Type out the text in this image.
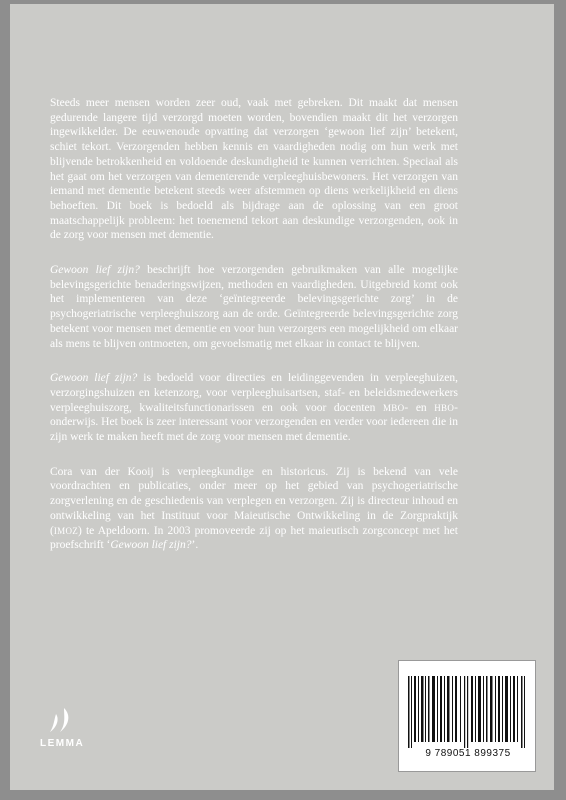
Steeds meer mensen worden zeer oud, vaak met gebreken. Dit maakt dat mensen gedurende langere tijd verzorgd moeten worden, bovendien maakt dit het verzorgen ingewikkelder. De eeuwenoude opvatting dat verzorgen ‘gewoon lief zijn’ betekent, schiet tekort. Verzorgenden hebben kennis en vaardigheden nodig om hun werk met blijvende betrokkenheid en voldoende deskundigheid te kunnen verrichten. Speciaal als het gaat om het verzorgen van dementerende verpleeghuisbewoners. Het verzorgen van iemand met dementie betekent steeds weer afstemmen op diens werkelijkheid en diens behoeften. Dit boek is bedoeld als bijdrage aan de oplossing van een groot maatschappelijk probleem: het toenemend tekort aan deskundige verzorgenden, ook in de zorg voor mensen met dementie.

Gewoon lief zijn? beschrijft hoe verzorgenden gebruikmaken van alle mogelijke belevingsgerichte benaderingswijzen, methoden en vaardigheden. Uitgebreid komt ook het implementeren van deze ‘geïntegreerde belevingsgerichte zorg’ in de psychogeriatrische verpleeghuiszorg aan de orde. Geïntegreerde belevingsgerichte zorg betekent voor mensen met dementie en voor hun verzorgers een mogelijkheid om elkaar als mens te blijven ontmoeten, om gevoelsmatig met elkaar in contact te blijven.

Gewoon lief zijn? is bedoeld voor directies en leidinggevenden in verpleeghuizen, verzorgingshuizen en ketenzorg, voor verpleeghuisartsen, staf- en beleidsmedewerkers verpleeghuiszorg, kwaliteitsfunctionarissen en ook voor docenten MBO- en HBO-onderwijs. Het boek is zeer interessant voor verzorgenden en verder voor iedereen die in zijn werk te maken heeft met de zorg voor mensen met dementie.

Cora van der Kooij is verpleegkundige en historicus. Zij is bekend van vele voordrachten en publicaties, onder meer op het gebied van psychogeriatrische zorgverlening en de geschiedenis van verplegen en verzorgen. Zij is directeur inhoud en ontwikkeling van het Instituut voor Maieutische Ontwikkeling in de Zorgpraktijk (IMOZ) te Apeldoorn. In 2003 promoveerde zij op het maieutisch zorgconcept met het proefschrift ‘Gewoon lief zijn?’.

9 789051 899375
LEMMA
